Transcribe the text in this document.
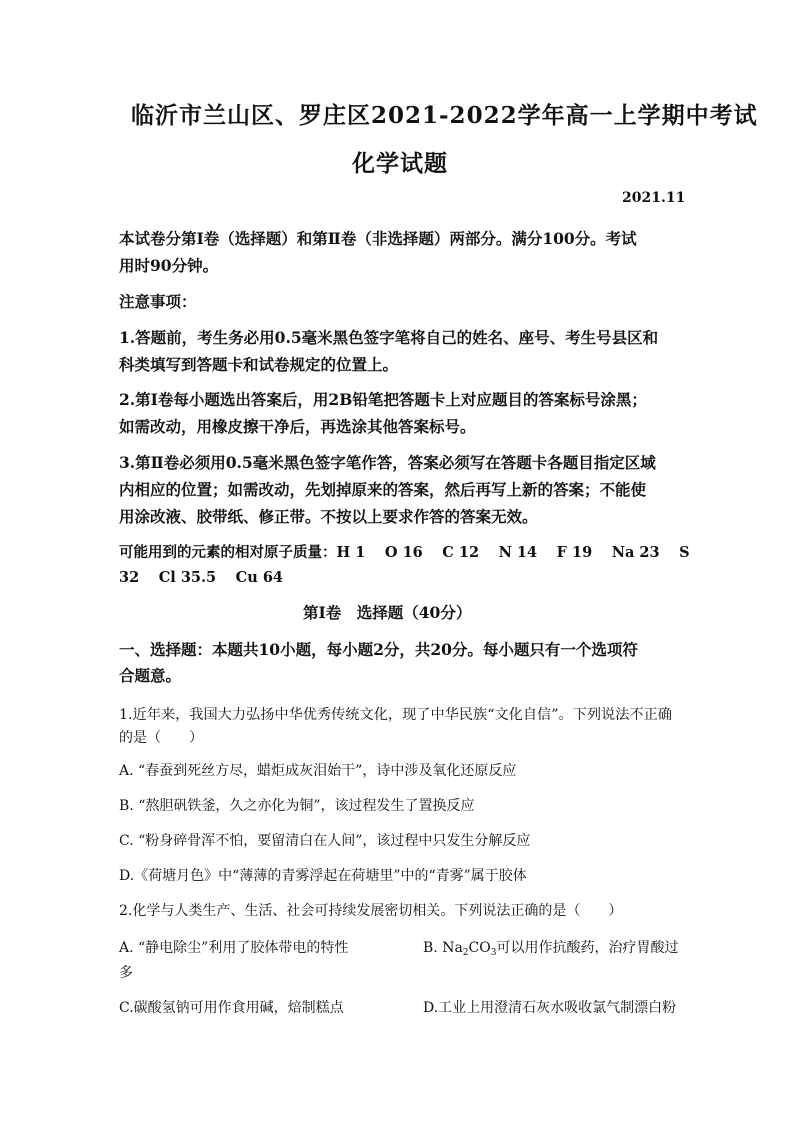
临沂市兰山区、罗庄区2021-2022学年高一上学期中考试
化学试题
2021.11
本试卷分第Ⅰ卷（选择题）和第Ⅱ卷（非选择题）两部分。满分100分。考试
用时90分钟。
注意事项：
1.答题前，考生务必用0.5毫米黑色签字笔将自己的姓名、座号、考生号县区和
科类填写到答题卡和试卷规定的位置上。
2.第Ⅰ卷每小题选出答案后，用2B铅笔把答题卡上对应题目的答案标号涂黑；
如需改动，用橡皮擦干净后，再选涂其他答案标号。
3.第Ⅱ卷必须用0.5毫米黑色签字笔作答，答案必须写在答题卡各题目指定区域
内相应的位置；如需改动，先划掉原来的答案，然后再写上新的答案；不能使
用涂改液、胶带纸、修正带。不按以上要求作答的答案无效。
可能用到的元素的相对原子质量：H 1　 O 16　 C 12　 N 14　 F 19　 Na 23　 S
32　 Cl 35.5　 Cu 64
第Ⅰ卷　选择题（40分）
一、选择题：本题共10小题，每小题2分，共20分。每小题只有一个选项符
合题意。
1.近年来，我国大力弘扬中华优秀传统文化，现了中华民族“文化自信”。下列说法不正确
的是（　　）
A. “春蚕到死丝方尽，蜡炬成灰泪始干”，诗中涉及氧化还原反应
B. “熬胆矾铁釜，久之亦化为铜”，该过程发生了置换反应
C. “粉身碎骨浑不怕，要留清白在人间”，该过程中只发生分解反应
D.《荷塘月色》中“薄薄的青雾浮起在荷塘里”中的“青雾”属于胶体
2.化学与人类生产、生活、社会可持续发展密切相关。下列说法正确的是（　　）
A. “静电除尘”利用了胶体带电的特性	B. $Na_2CO_3$可以用作抗酸药，治疗胃酸过
多
C.碳酸氢钠可用作食用碱，焙制糕点	D.工业上用澄清石灰水吸收氯气制漂白粉
